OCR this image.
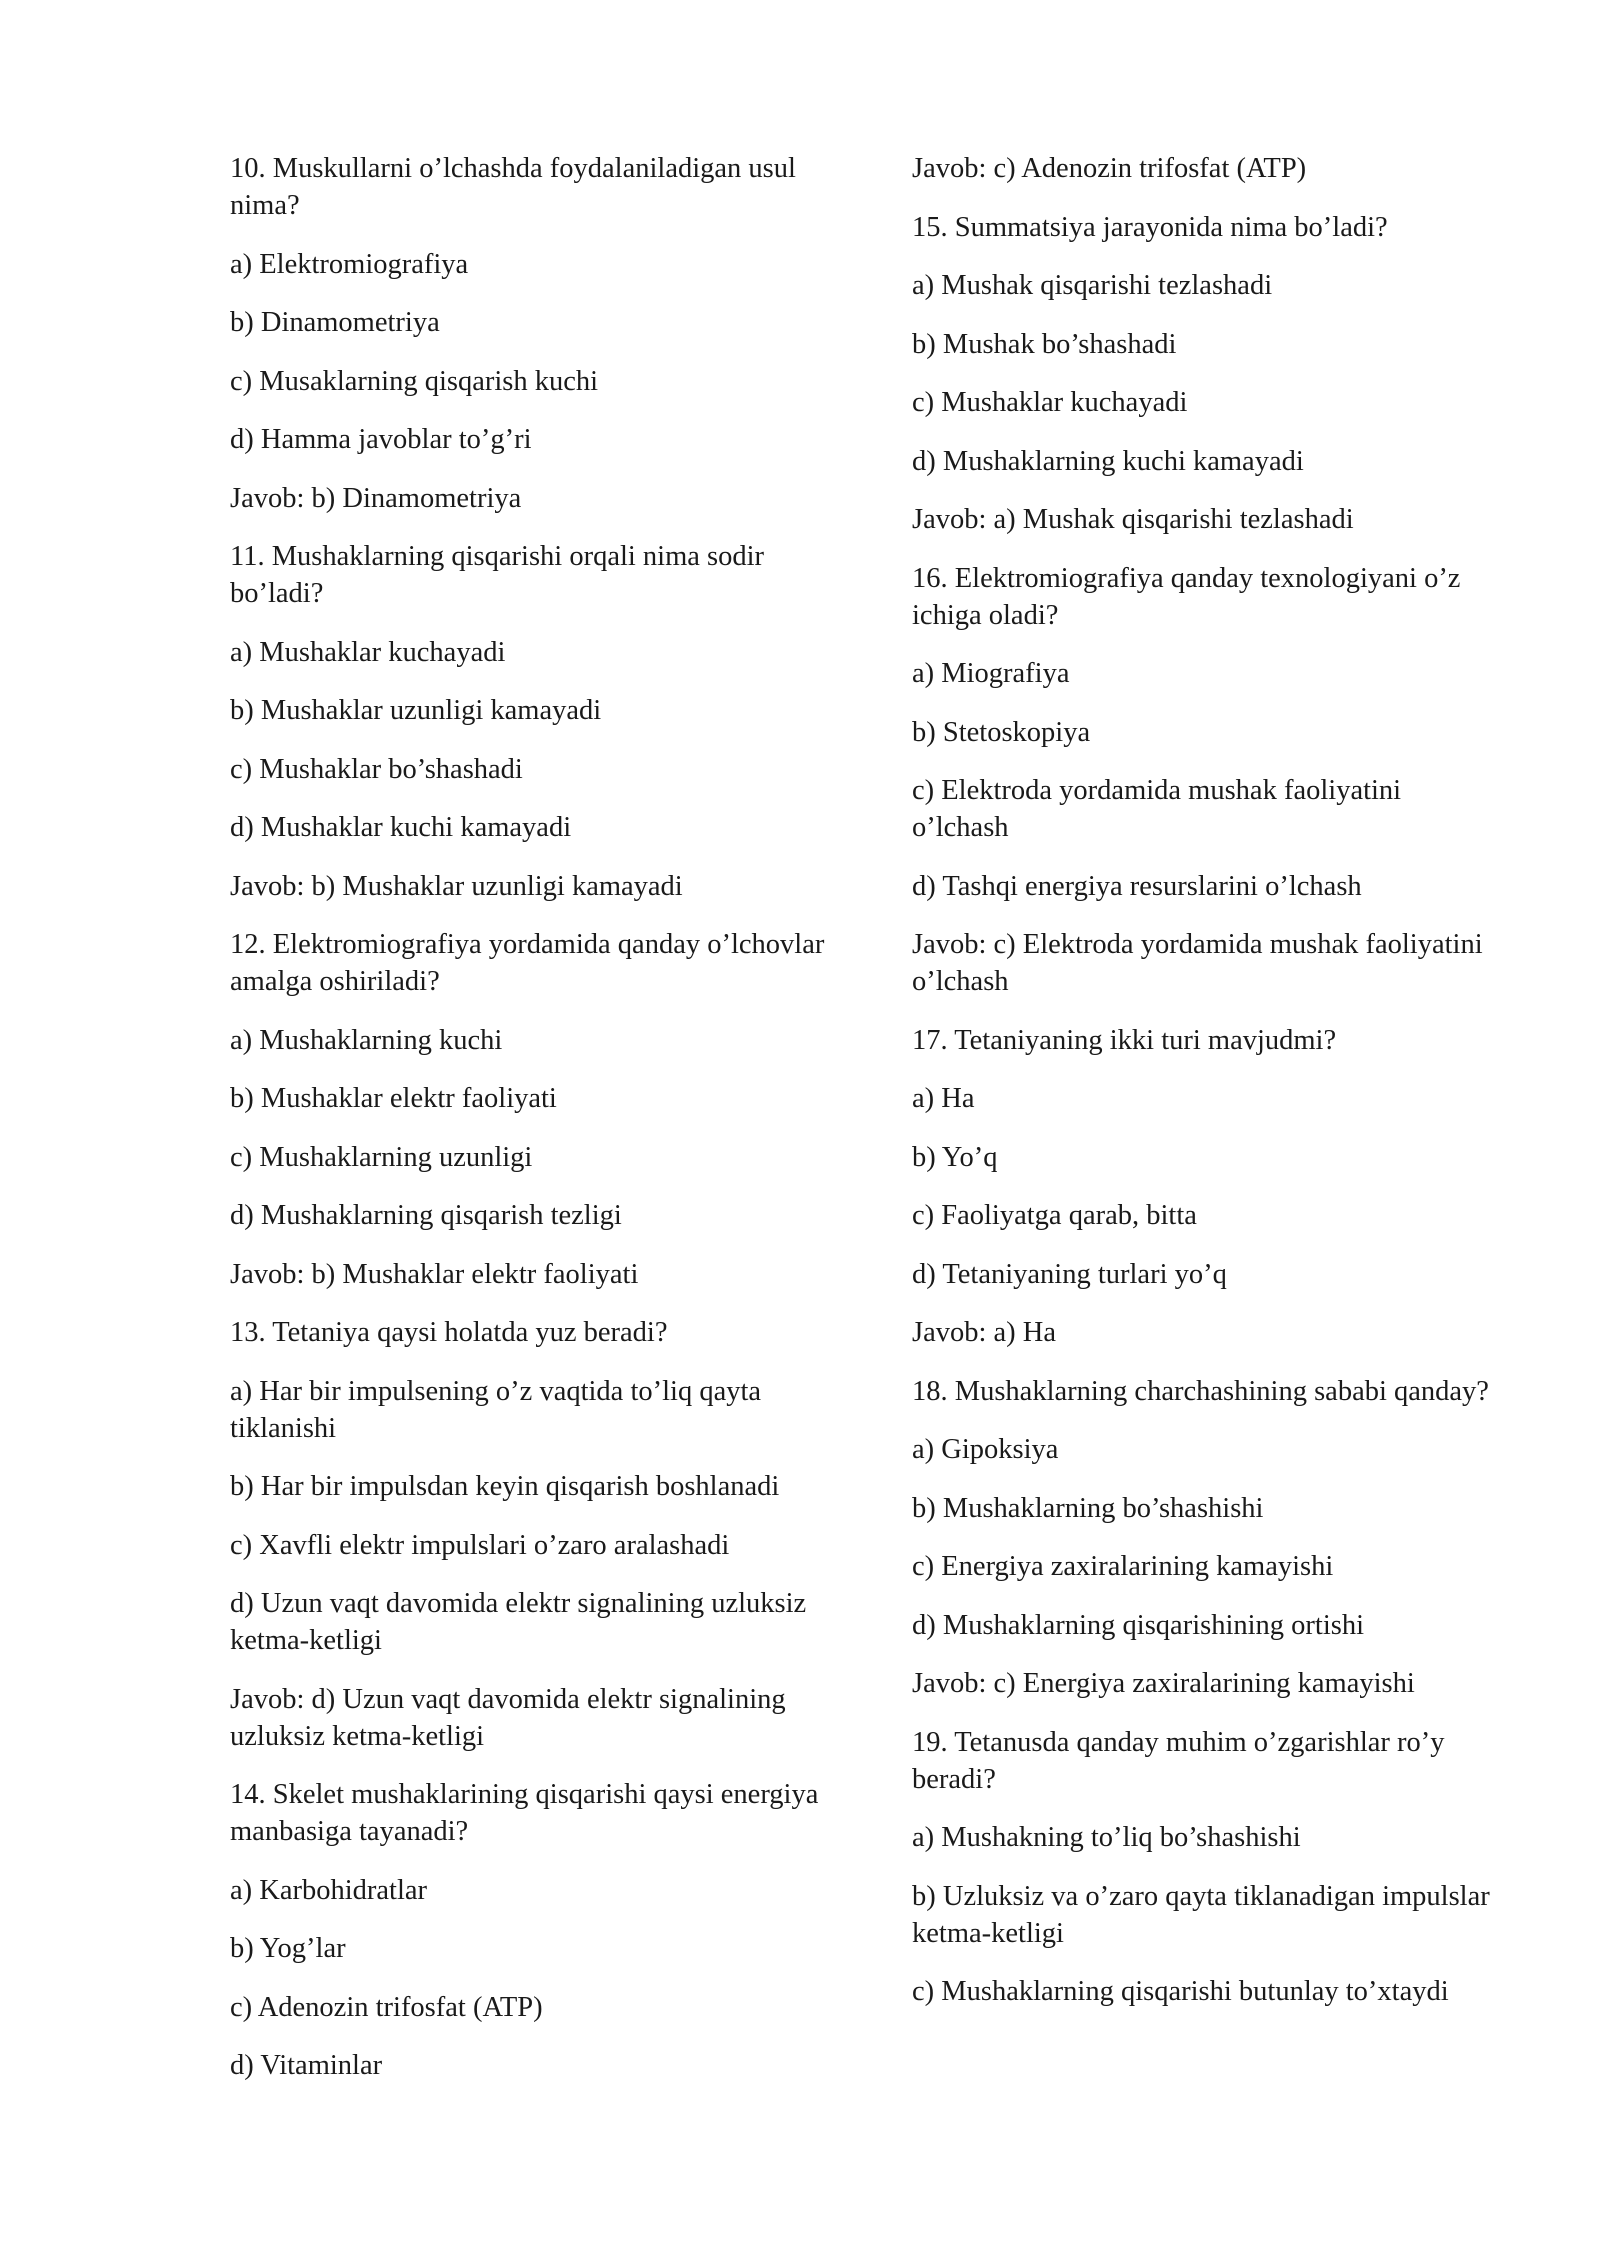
10. Muskullarni o’lchashda foydalaniladigan usul nima?

a) Elektromiografiya

b) Dinamometriya

c) Musaklarning qisqarish kuchi

d) Hamma javoblar to’g’ri

Javob: b) Dinamometriya

11. Mushaklarning qisqarishi orqali nima sodir bo’ladi?

a) Mushaklar kuchayadi

b) Mushaklar uzunligi kamayadi

c) Mushaklar bo’shashadi

d) Mushaklar kuchi kamayadi

Javob: b) Mushaklar uzunligi kamayadi

12. Elektromiografiya yordamida qanday o’lchovlar amalga oshiriladi?

a) Mushaklarning kuchi

b) Mushaklar elektr faoliyati

c) Mushaklarning uzunligi

d) Mushaklarning qisqarish tezligi

Javob: b) Mushaklar elektr faoliyati

13. Tetaniya qaysi holatda yuz beradi?

a) Har bir impulsening o’z vaqtida to’liq qayta tiklanishi

b) Har bir impulsdan keyin qisqarish boshlanadi

c) Xavfli elektr impulslari o’zaro aralashadi

d) Uzun vaqt davomida elektr signalining uzluksiz ketma-ketligi

Javob: d) Uzun vaqt davomida elektr signalining uzluksiz ketma-ketligi

14. Skelet mushaklarining qisqarishi qaysi energiya manbasiga tayanadi?

a) Karbohidratlar

b) Yog’lar

c) Adenozin trifosfat (ATP)

d) Vitaminlar

Javob: c) Adenozin trifosfat (ATP)

15. Summatsiya jarayonida nima bo’ladi?

a) Mushak qisqarishi tezlashadi

b) Mushak bo’shashadi

c) Mushaklar kuchayadi

d) Mushaklarning kuchi kamayadi

Javob: a) Mushak qisqarishi tezlashadi

16. Elektromiografiya qanday texnologiyani o’z ichiga oladi?

a) Miografiya

b) Stetoskopiya

c) Elektroda yordamida mushak faoliyatini o’lchash

d) Tashqi energiya resurslarini o’lchash

Javob: c) Elektroda yordamida mushak faoliyatini o’lchash

17. Tetaniyaning ikki turi mavjudmi?

a) Ha

b) Yo’q

c) Faoliyatga qarab, bitta

d) Tetaniyaning turlari yo’q

Javob: a) Ha

18. Mushaklarning charchashining sababi qanday?

a) Gipoksiya

b) Mushaklarning bo’shashishi

c) Energiya zaxiralarining kamayishi

d) Mushaklarning qisqarishining ortishi

Javob: c) Energiya zaxiralarining kamayishi

19. Tetanusda qanday muhim o’zgarishlar ro’y beradi?

a) Mushakning to’liq bo’shashishi

b) Uzluksiz va o’zaro qayta tiklanadigan impulslar ketma-ketligi

c) Mushaklarning qisqarishi butunlay to’xtaydi
